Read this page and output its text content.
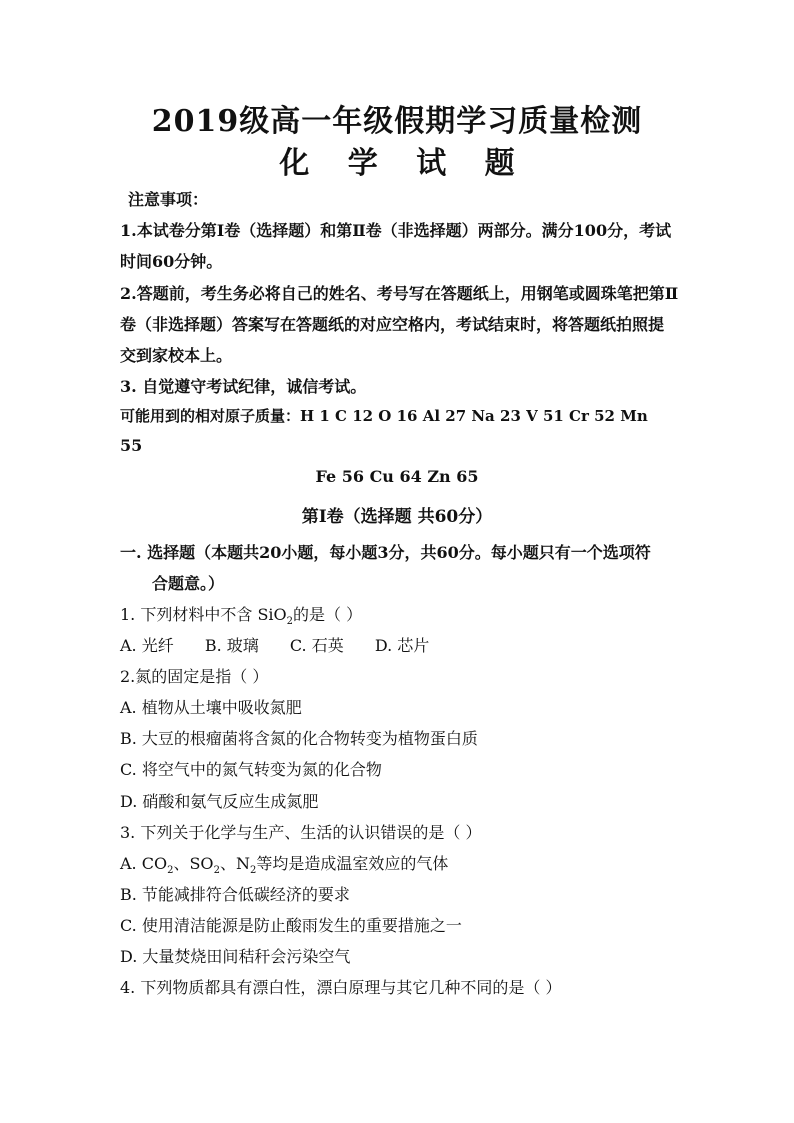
2019级高一年级假期学习质量检测
化 学 试 题
注意事项：
1.本试卷分第Ⅰ卷（选择题）和第Ⅱ卷（非选择题）两部分。满分100分，考试
时间60分钟。
2.答题前，考生务必将自己的姓名、考号写在答题纸上，用钢笔或圆珠笔把第Ⅱ
卷（非选择题）答案写在答题纸的对应空格内，考试结束时，将答题纸拍照提
交到家校本上。
3. 自觉遵守考试纪律，诚信考试。
可能用到的相对原子质量：H 1 C 12 O 16 Al 27 Na 23 V 51 Cr 52 Mn
55
Fe 56 Cu 64 Zn 65
第Ⅰ卷（选择题 共60分）
一. 选择题（本题共20小题，每小题3分，共60分。每小题只有一个选项符
合题意。）
1. 下列材料中不含 SiO$_2$的是（ ）
A. 光纤 B. 玻璃 C. 石英 D. 芯片
2.氮的固定是指（ ）
A. 植物从土壤中吸收氮肥
B. 大豆的根瘤菌将含氮的化合物转变为植物蛋白质
C. 将空气中的氮气转变为氮的化合物
D. 硝酸和氨气反应生成氮肥
3. 下列关于化学与生产、生活的认识错误的是（ ）
A. $CO_2$、$SO_2$、$N_2$等均是造成温室效应的气体
B. 节能减排符合低碳经济的要求
C. 使用清洁能源是防止酸雨发生的重要措施之一
D. 大量焚烧田间秸秆会污染空气
4. 下列物质都具有漂白性，漂白原理与其它几种不同的是（ ）
